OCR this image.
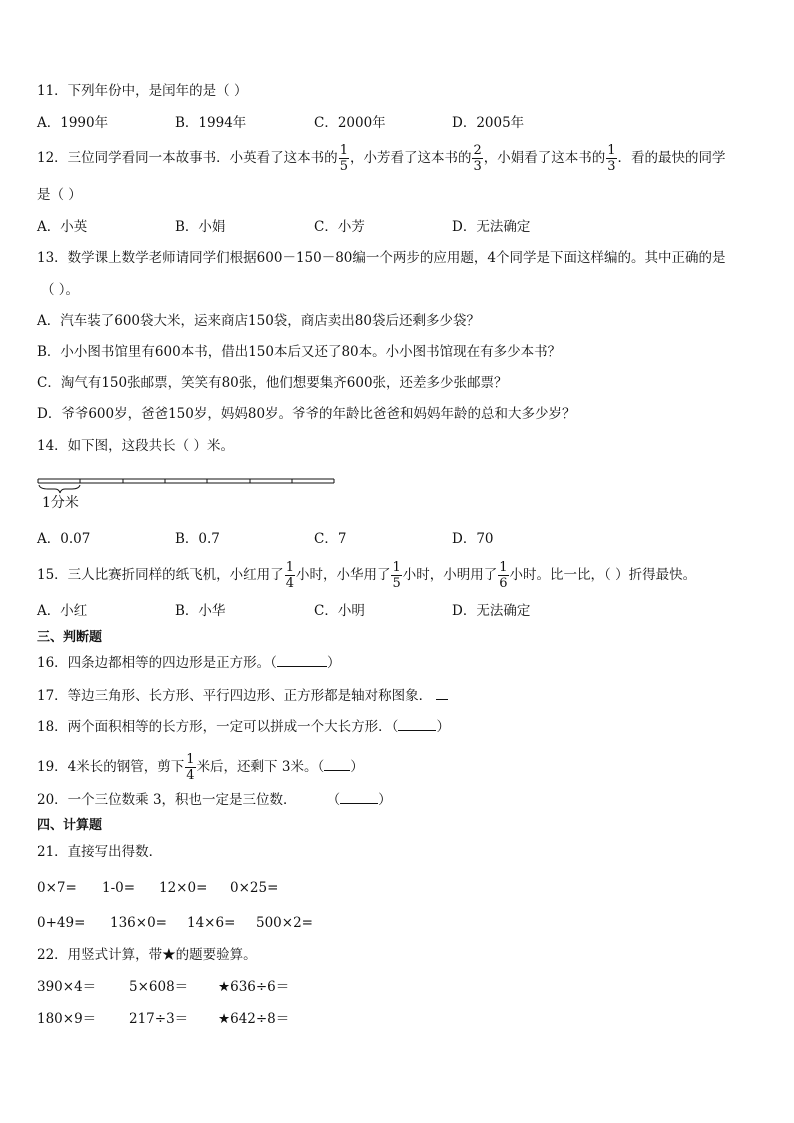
11．下列年份中，是闰年的是（ ）
A．1990年	B．1994年	C．2000年	D．2005年
12．三位同学看同一本故事书．小英看了这本书的 $\frac{1}{5}$ ，小芳看了这本书的 $\frac{2}{3}$ ，小娟看了这本书的 $\frac{1}{3}$ ．看的最快的同学
是（ ）
A．小英	B．小娟	C．小芳	D．无法确定
13．数学课上数学老师请同学们根据600－150－80编一个两步的应用题，4个同学是下面这样编的。其中正确的是
（ ）。
A．汽车装了600袋大米，运来商店150袋，商店卖出80袋后还剩多少袋？
B．小小图书馆里有600本书，借出150本后又还了80本。小小图书馆现在有多少本书？
C．淘气有150张邮票，笑笑有80张，他们想要集齐600张，还差多少张邮票？
D．爷爷600岁，爸爸150岁，妈妈80岁。爷爷的年龄比爸爸和妈妈年龄的总和大多少岁？
14．如下图，这段共长（ ）米。
1分米
A．0.07	B．0.7	C．7	D．70
15．三人比赛折同样的纸飞机，小红用了 $\frac{1}{4}$ 小时，小华用了 $\frac{1}{5}$ 小时，小明用了 $\frac{1}{6}$ 小时。比一比，（ ）折得最快。
A．小红	B．小华	C．小明	D．无法确定
三、判断题
16．四条边都相等的四边形是正方形。（	）
17．等边三角形、长方形、平行四边形、正方形都是轴对称图象．
18．两个面积相等的长方形，一定可以拼成一个大长方形．（	）
19．4米长的钢管，剪下 $\frac{1}{4}$ 米后，还剩下 3米。（ ）
20．一个三位数乘 3，积也一定是三位数． （	）
四、计算题
21．直接写出得数．
0×7= 1-0= 12×0= 0×25=
0+49= 136×0= 14×6= 500×2=
22．用竖式计算，带★的题要验算。
390×4＝ 5×608＝ ★636÷6＝
180×9＝ 217÷3＝ ★642÷8＝
